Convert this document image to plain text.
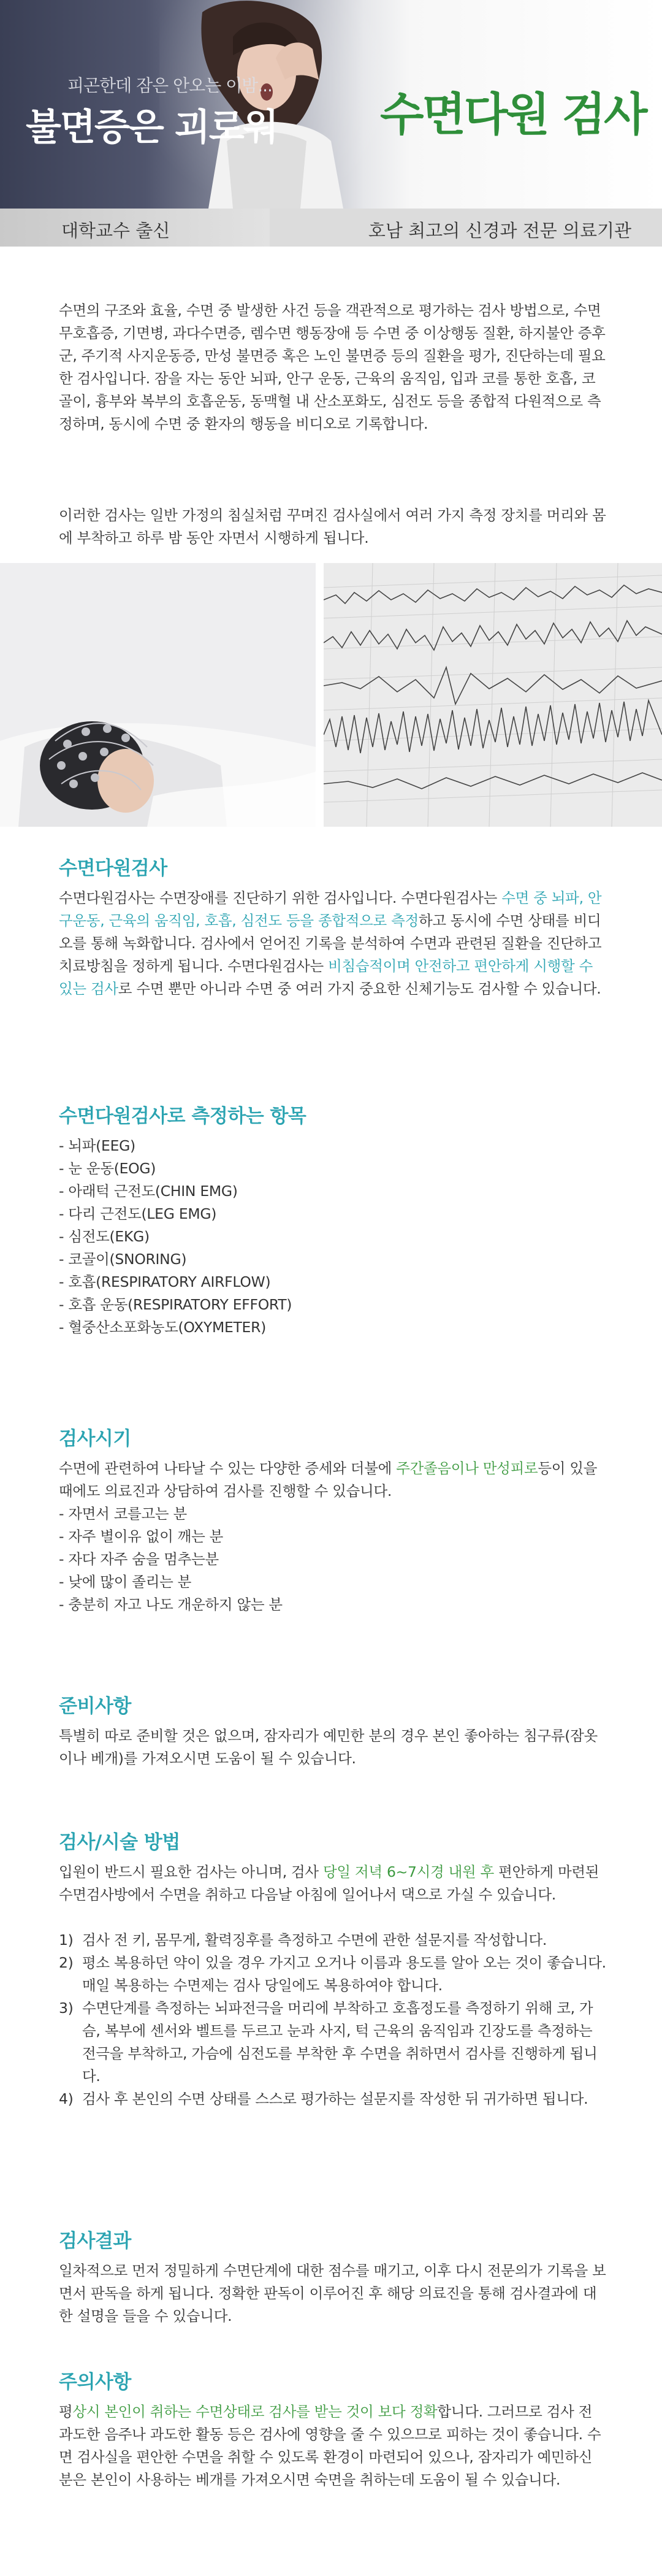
피곤한데 잠은 안오는 이밤...
불면증은 괴로워 수면다원 검사
대학교수 출신	호남 최고의 신경과 전문 의료기관

수면의 구조와 효율, 수면 중 발생한 사건 등을 객관적으로 평가하는 검사 방법으로, 수면무호흡증, 기면병, 과다수면증, 렘수면 행동장애 등 수면 중 이상행동 질환, 하지불안 증후군, 주기적 사지운동증, 만성 불면증 혹은 노인 불면증 등의 질환을 평가, 진단하는데 필요한 검사입니다. 잠을 자는 동안 뇌파, 안구 운동, 근육의 움직임, 입과 코를 통한 호흡, 코골이, 흉부와 복부의 호흡운동, 동맥혈 내 산소포화도, 심전도 등을 종합적 다원적으로 측정하며, 동시에 수면 중 환자의 행동을 비디오로 기록합니다.

이러한 검사는 일반 가정의 침실처럼 꾸며진 검사실에서 여러 가지 측정 장치를 머리와 몸에 부착하고 하루 밤 동안 자면서 시행하게 됩니다.

수면다원검사

수면다원검사는 수면장애를 진단하기 위한 검사입니다. 수면다원검사는 수면 중 뇌파, 안구운동, 근육의 움직임, 호흡, 심전도 등을 종합적으로 측정하고 동시에 수면 상태를 비디오를 통해 녹화합니다. 검사에서 얻어진 기록을 분석하여 수면과 관련된 질환을 진단하고 치료방침을 정하게 됩니다. 수면다원검사는 비침습적이며 안전하고 편안하게 시행할 수 있는 검사로 수면 뿐만 아니라 수면 중 여러 가지 중요한 신체기능도 검사할 수 있습니다.

수면다원검사로 측정하는 항목
- 뇌파(EEG)
- 눈 운동(EOG)
- 아래턱 근전도(CHIN EMG)
- 다리 근전도(LEG EMG)
- 심전도(EKG)
- 코골이(SNORING)
- 호흡(RESPIRATORY AIRFLOW)
- 호흡 운동(RESPIRATORY EFFORT)
- 혈중산소포화농도(OXYMETER)
검사시기

수면에 관련하여 나타날 수 있는 다양한 증세와 더불에 주간졸음이나 만성피로등이 있을 때에도 의료진과 상담하여 검사를 진행할 수 있습니다.

- 자면서 코를고는 분
- 자주 별이유 없이 깨는 분
- 자다 자주 숨을 멈추는분
- 낮에 많이 졸리는 분
- 충분히 자고 나도 개운하지 않는 분
준비사항

특별히 따로 준비할 것은 없으며, 잠자리가 예민한 분의 경우 본인 좋아하는 침구류(잠옷이나 베개)를 가져오시면 도움이 될 수 있습니다.

검사/시술 방법

입원이 반드시 필요한 검사는 아니며, 검사 당일 저녁 6~7시경 내원 후 편안하게 마련된 수면검사방에서 수면을 취하고 다음날 아침에 일어나서 댁으로 가실 수 있습니다.

1) 검사 전 키, 몸무게, 활력징후를 측정하고 수면에 관한 설문지를 작성합니다.
2) 평소 복용하던 약이 있을 경우 가지고 오거나 이름과 용도를 알아 오는 것이 좋습니다. 매일 복용하는 수면제는 검사 당일에도 복용하여야 합니다.
3) 수면단계를 측정하는 뇌파전극을 머리에 부착하고 호흡정도를 측정하기 위해 코, 가슴, 복부에 센서와 벨트를 두르고 눈과 사지, 턱 근육의 움직임과 긴장도를 측정하는 전극을 부착하고, 가슴에 심전도를 부착한 후 수면을 취하면서 검사를 진행하게 됩니다.
4) 검사 후 본인의 수면 상태를 스스로 평가하는 설문지를 작성한 뒤 귀가하면 됩니다.
검사결과

일차적으로 먼저 정밀하게 수면단계에 대한 점수를 매기고, 이후 다시 전문의가 기록을 보면서 판독을 하게 됩니다. 정확한 판독이 이루어진 후 해당 의료진을 통해 검사결과에 대한 설명을 들을 수 있습니다.

주의사항

평상시 본인이 취하는 수면상태로 검사를 받는 것이 보다 정확합니다. 그러므로 검사 전 과도한 음주나 과도한 활동 등은 검사에 영향을 줄 수 있으므로 피하는 것이 좋습니다. 수면 검사실을 편안한 수면을 취할 수 있도록 환경이 마련되어 있으나, 잠자리가 예민하신 분은 본인이 사용하는 베개를 가져오시면 숙면을 취하는데 도움이 될 수 있습니다.
